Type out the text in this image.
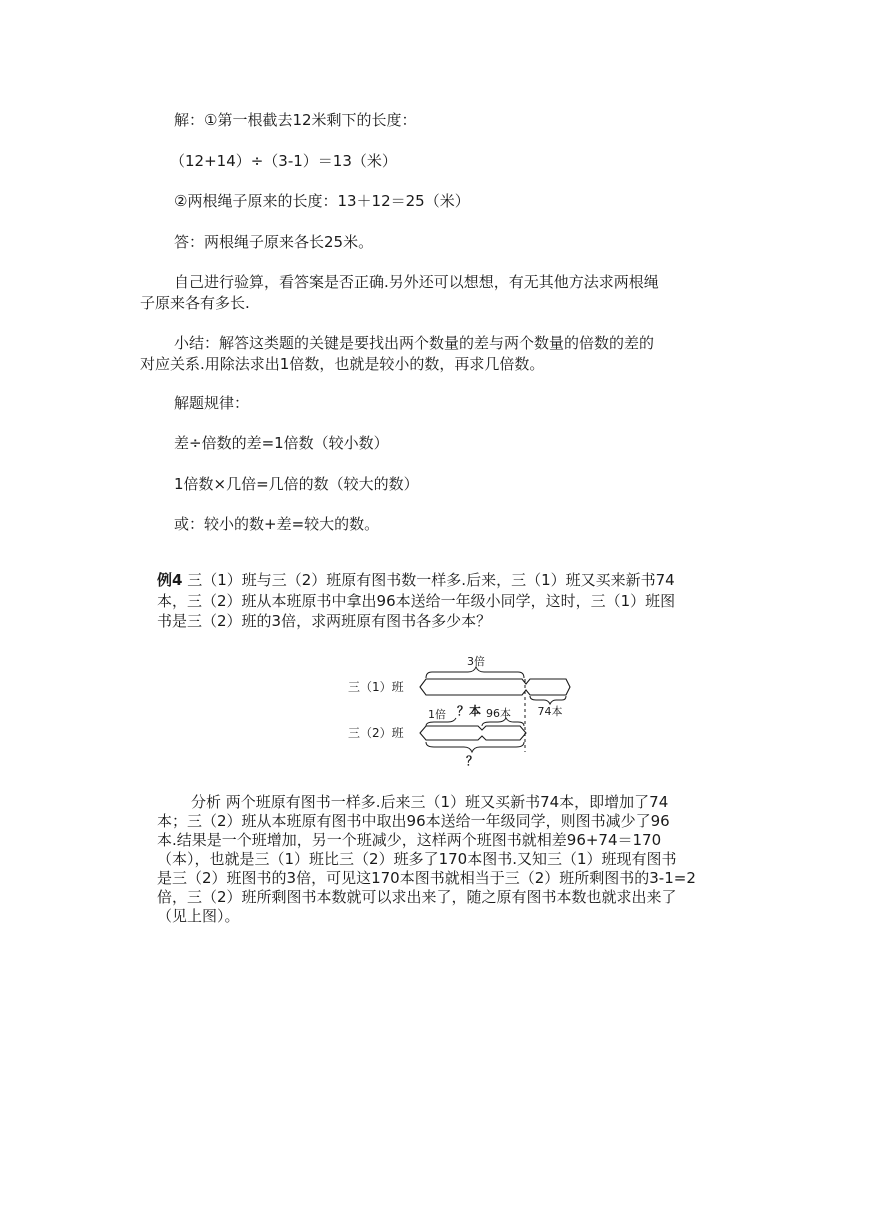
解：①第一根截去12米剩下的长度：
（12+14）÷（3-1）＝13（米）
②两根绳子原来的长度：13＋12＝25（米）
答：两根绳子原来各长25米。
自己进行验算，看答案是否正确.另外还可以想想，有无其他方法求两根绳
子原来各有多长.
小结：解答这类题的关键是要找出两个数量的差与两个数量的倍数的差的
对应关系.用除法求出1倍数，也就是较小的数，再求几倍数。
解题规律：
差÷倍数的差=1倍数（较小数）
1倍数×几倍=几倍的数（较大的数）
或：较小的数+差=较大的数。
例4 三（1）班与三（2）班原有图书数一样多.后来，三（1）班又买来新书74
本，三（2）班从本班原书中拿出96本送给一年级小同学，这时，三（1）班图
书是三（2）班的3倍，求两班原有图书各多少本？
三（1）班
3倍
74本
1倍 ？本 96本
三（2）班
？
分析 两个班原有图书一样多.后来三（1）班又买新书74本，即增加了74
本；三（2）班从本班原有图书中取出96本送给一年级同学，则图书减少了96
本.结果是一个班增加，另一个班减少，这样两个班图书就相差96+74＝170
（本），也就是三（1）班比三（2）班多了170本图书.又知三（1）班现有图书
是三（2）班图书的3倍，可见这170本图书就相当于三（2）班所剩图书的3-1=2
倍，三（2）班所剩图书本数就可以求出来了，随之原有图书本数也就求出来了
（见上图）。
